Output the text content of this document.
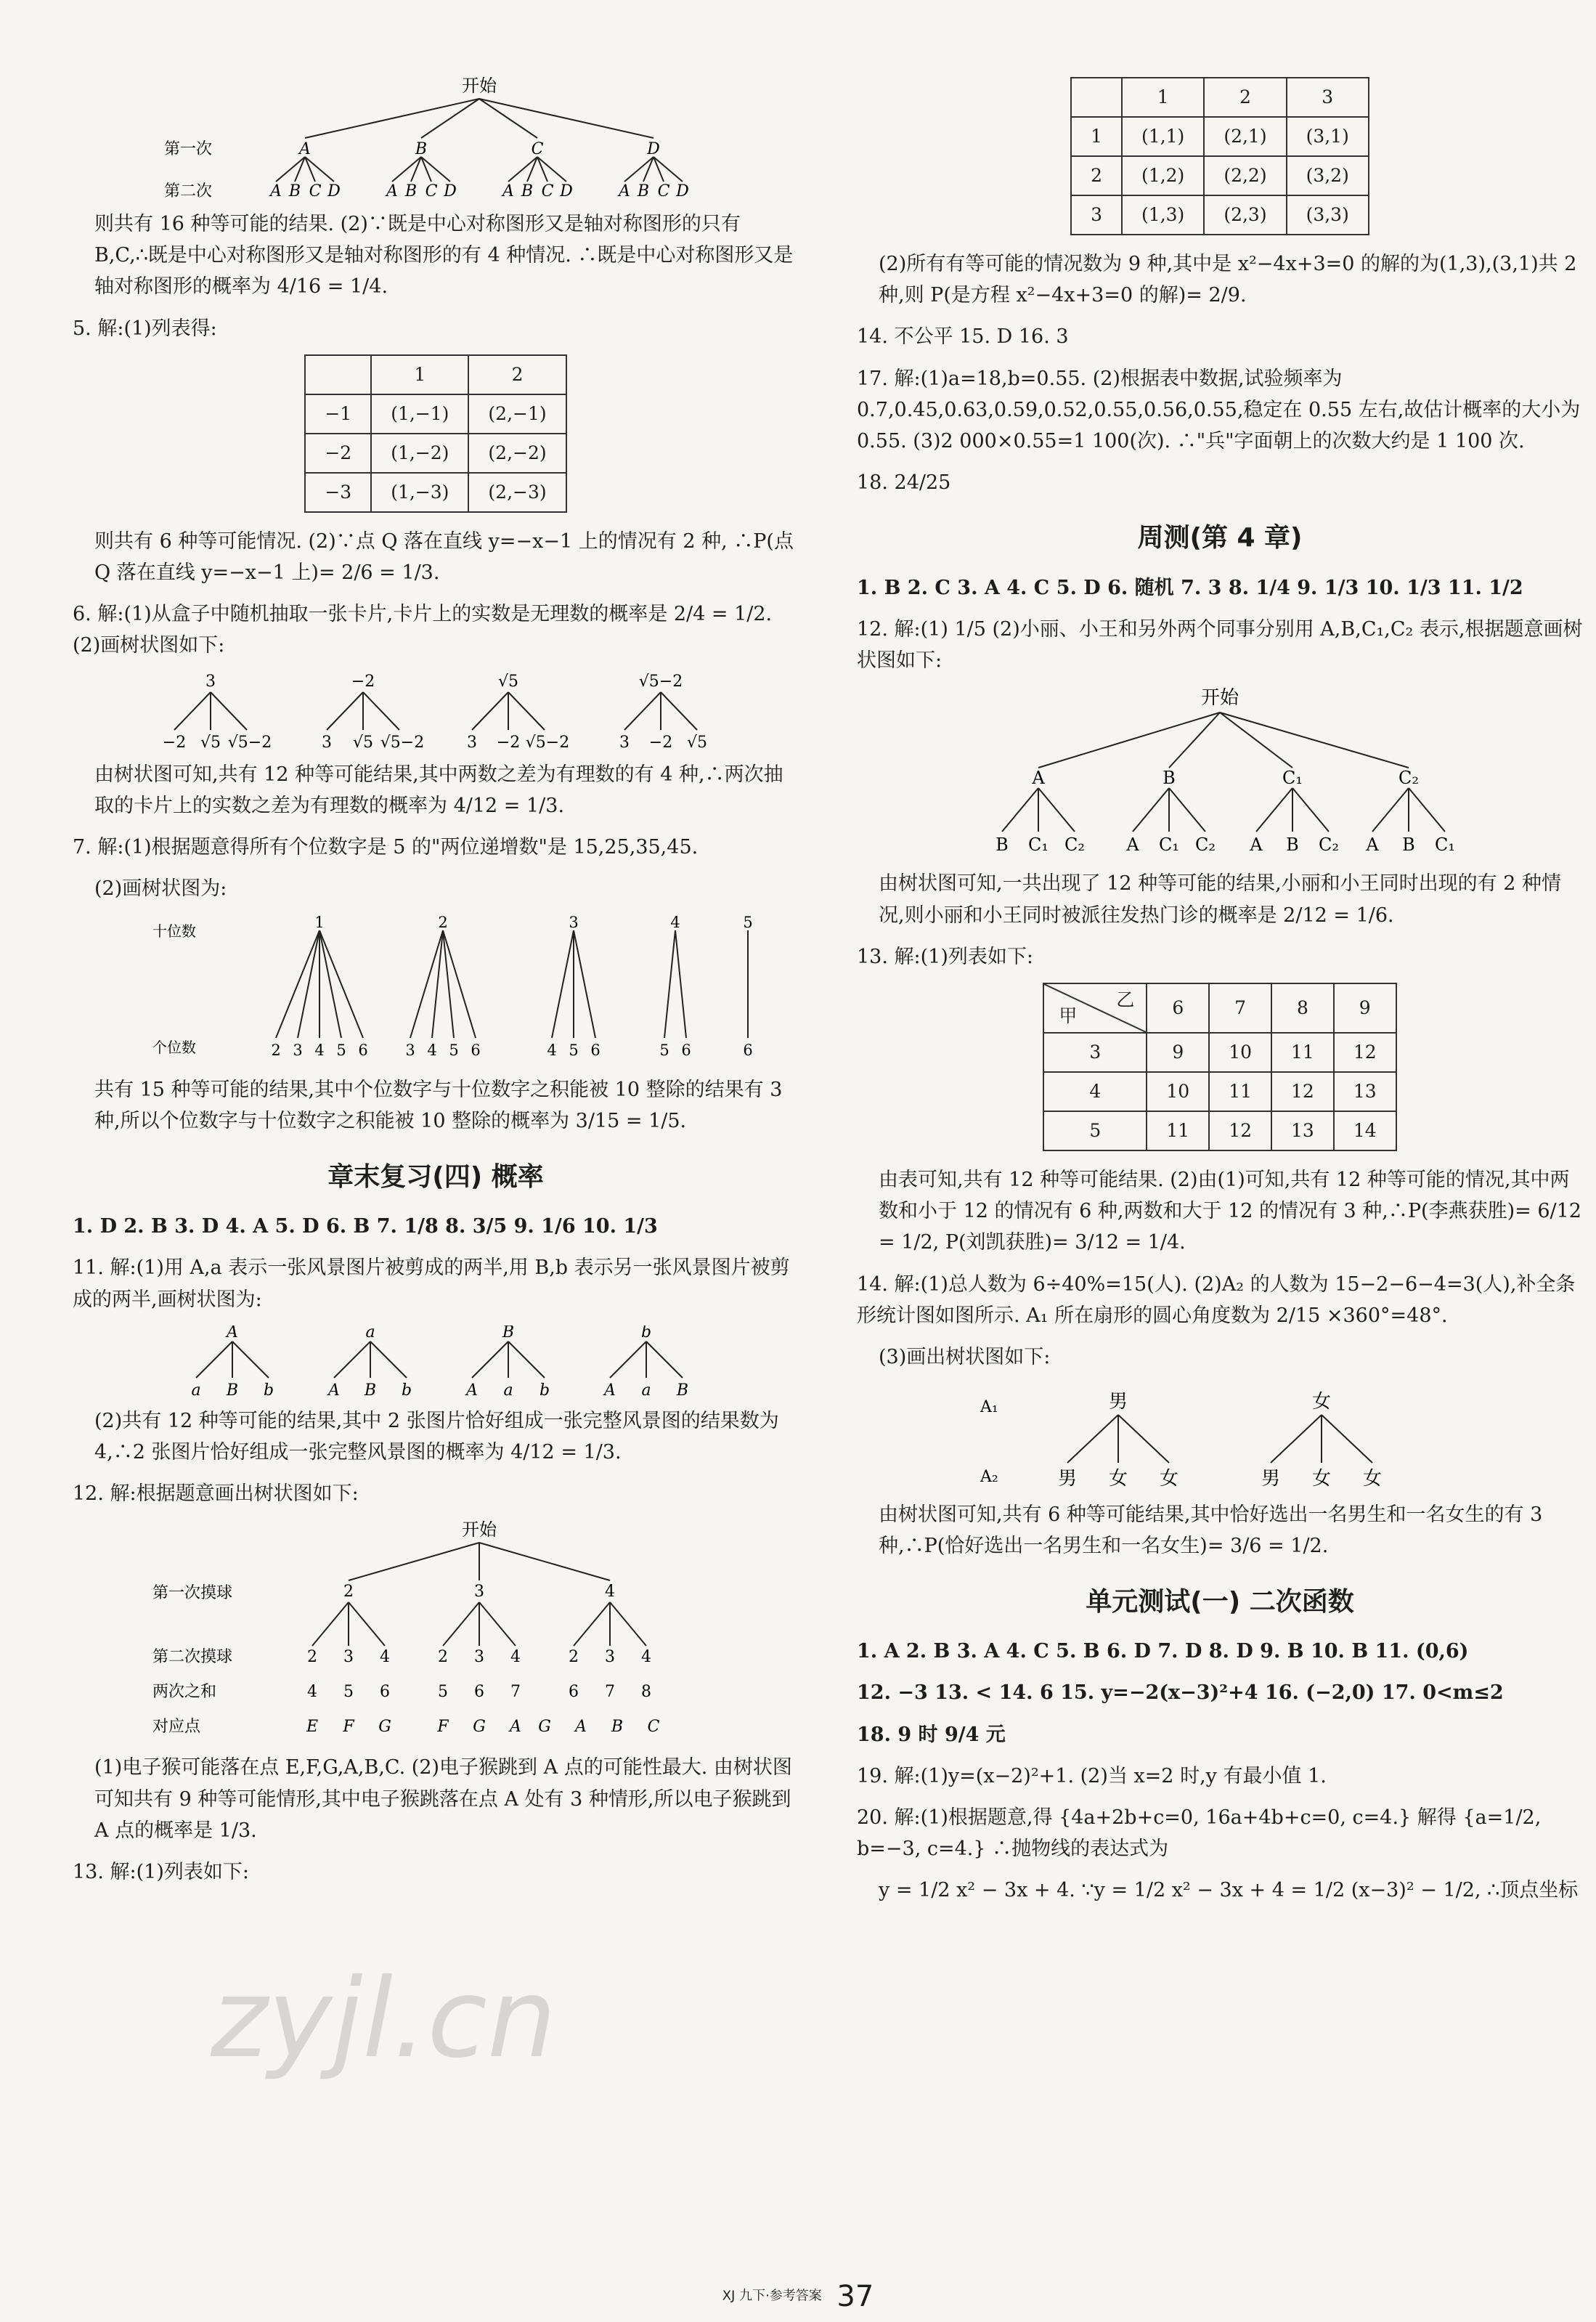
zyjl.cn
开始
第一次
第二次
A	B	C	D
A B C D	A B C D	A B C D	A B C D

则共有 16 种等可能的结果. (2)∵既是中心对称图形又是轴对称图形的只有 B,C,∴既是中心对称图形又是轴对称图形的有 4 种情况. ∴既是中心对称图形又是轴对称图形的概率为 4/16 = 1/4.

5. 解:(1)列表得:

	1	2
−1	(1,−1)	(2,−1)
−2	(1,−2)	(2,−2)
−3	(1,−3)	(2,−3)

则共有 6 种等可能情况. (2)∵点 Q 落在直线 y=−x−1 上的情况有 2 种, ∴P(点 Q 落在直线 y=−x−1 上)= 2/6 = 1/3.

6. 解:(1)从盒子中随机抽取一张卡片,卡片上的实数是无理数的概率是 2/4 = 1/2. (2)画树状图如下:

3	−2	√5	√5−2
−2 √5 √5−2	3 √5 √5−2	3 −2 √5−2	3 −2 √5

由树状图可知,共有 12 种等可能结果,其中两数之差为有理数的有 4 种,∴两次抽取的卡片上的实数之差为有理数的概率为 4/12 = 1/3.

7. 解:(1)根据题意得所有个位数字是 5 的"两位递增数"是 15,25,35,45.

(2)画树状图为:

十位数
个位数
1	2	3	4	5
2 3 4 5 6 3 4 5 6	4 5 6	5 6	6

共有 15 种等可能的结果,其中个位数字与十位数字之积能被 10 整除的结果有 3 种,所以个位数字与十位数字之积能被 10 整除的概率为 3/15 = 1/5.

章末复习(四) 概率

1. D 2. B 3. D 4. A 5. D 6. B 7. 1/8 8. 3/5 9. 1/6 10. 1/3

11. 解:(1)用 A,a 表示一张风景图片被剪成的两半,用 B,b 表示另一张风景图片被剪成的两半,画树状图为:

A	a	B	b
a B b	A B b	A a b	A a B

(2)共有 12 种等可能的结果,其中 2 张图片恰好组成一张完整风景图的结果数为 4,∴2 张图片恰好组成一张完整风景图的概率为 4/12 = 1/3.

12. 解:根据题意画出树状图如下:

开始
第一次摸球
第二次摸球
两次之和
对应点
2	3	4
2 3 4	2 3 4	2 3 4
4 5 6	5 6 7	6 7 8
E F G	F G A G A B C

(1)电子猴可能落在点 E,F,G,A,B,C. (2)电子猴跳到 A 点的可能性最大. 由树状图可知共有 9 种等可能情形,其中电子猴跳落在点 A 处有 3 种情形,所以电子猴跳到 A 点的概率是 1/3.

13. 解:(1)列表如下:

	1	2	3
1	(1,1)	(2,1)	(3,1)
2	(1,2)	(2,2)	(3,2)
3	(1,3)	(2,3)	(3,3)

(2)所有有等可能的情况数为 9 种,其中是 x²−4x+3=0 的解的为(1,3),(3,1)共 2 种,则 P(是方程 x²−4x+3=0 的解)= 2/9.

14. 不公平 15. D 16. 3

17. 解:(1)a=18,b=0.55. (2)根据表中数据,试验频率为 0.7,0.45,0.63,0.59,0.52,0.55,0.56,0.55,稳定在 0.55 左右,故估计概率的大小为 0.55. (3)2 000×0.55=1 100(次). ∴"兵"字面朝上的次数大约是 1 100 次.

18. 24/25

周测(第 4 章)

1. B 2. C 3. A 4. C 5. D 6. 随机 7. 3 8. 1/4 9. 1/3 10. 1/3 11. 1/2

12. 解:(1) 1/5 (2)小丽、小王和另外两个同事分别用 A,B,C₁,C₂ 表示,根据题意画树状图如下:

开始
A	B	C₁	C₂
B C₁ C₂ A C₁ C₂ A B C₂ A B C₁

由树状图可知,一共出现了 12 种等可能的结果,小丽和小王同时出现的有 2 种情况,则小丽和小王同时被派往发热门诊的概率是 2/12 = 1/6.

13. 解:(1)列表如下:

乙
甲	6	7	8	9
3	9	10	11	12
4	10	11	12	13
5	11	12	13	14

由表可知,共有 12 种等可能结果. (2)由(1)可知,共有 12 种等可能的情况,其中两数和小于 12 的情况有 6 种,两数和大于 12 的情况有 3 种,∴P(李燕获胜)= 6/12 = 1/2, P(刘凯获胜)= 3/12 = 1/4.

14. 解:(1)总人数为 6÷40%=15(人). (2)A₂ 的人数为 15−2−6−4=3(人),补全条形统计图如图所示. A₁ 所在扇形的圆心角度数为 2/15 ×360°=48°.

(3)画出树状图如下:

A₁
A₂
男	女
男 女 女	男 女 女

由树状图可知,共有 6 种等可能结果,其中恰好选出一名男生和一名女生的有 3 种,∴P(恰好选出一名男生和一名女生)= 3/6 = 1/2.

单元测试(一) 二次函数

1. A 2. B 3. A 4. C 5. B 6. D 7. D 8. D 9. B 10. B 11. (0,6)

12. −3 13. < 14. 6 15. y=−2(x−3)²+4 16. (−2,0) 17. 0<m≤2

18. 9 时 9/4 元

19. 解:(1)y=(x−2)²+1. (2)当 x=2 时,y 有最小值 1.

20. 解:(1)根据题意,得 {4a+2b+c=0, 16a+4b+c=0, c=4.} 解得 {a=1/2, b=−3, c=4.} ∴抛物线的表达式为

y = 1/2 x² − 3x + 4. ∵y = 1/2 x² − 3x + 4 = 1/2 (x−3)² − 1/2, ∴顶点坐标

XJ 九下·参考答案 37
